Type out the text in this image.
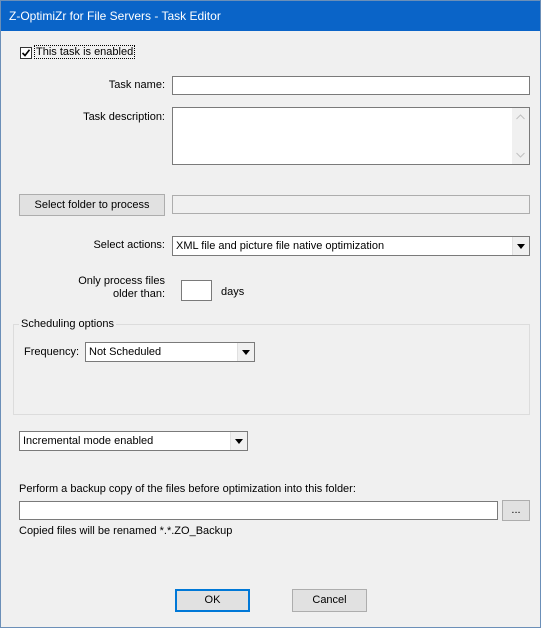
Z-OptimiZr for File Servers - Task Editor
This task is enabled
Task name:
Task description:
Select folder to process
Select actions: XML file and picture file native optimization
Only process files
older than:	days
Scheduling options
Frequency: Not Scheduled
Incremental mode enabled
Perform a backup copy of the files before optimization into this folder:
...
Copied files will be renamed *.*.ZO_Backup
OK	Cancel
